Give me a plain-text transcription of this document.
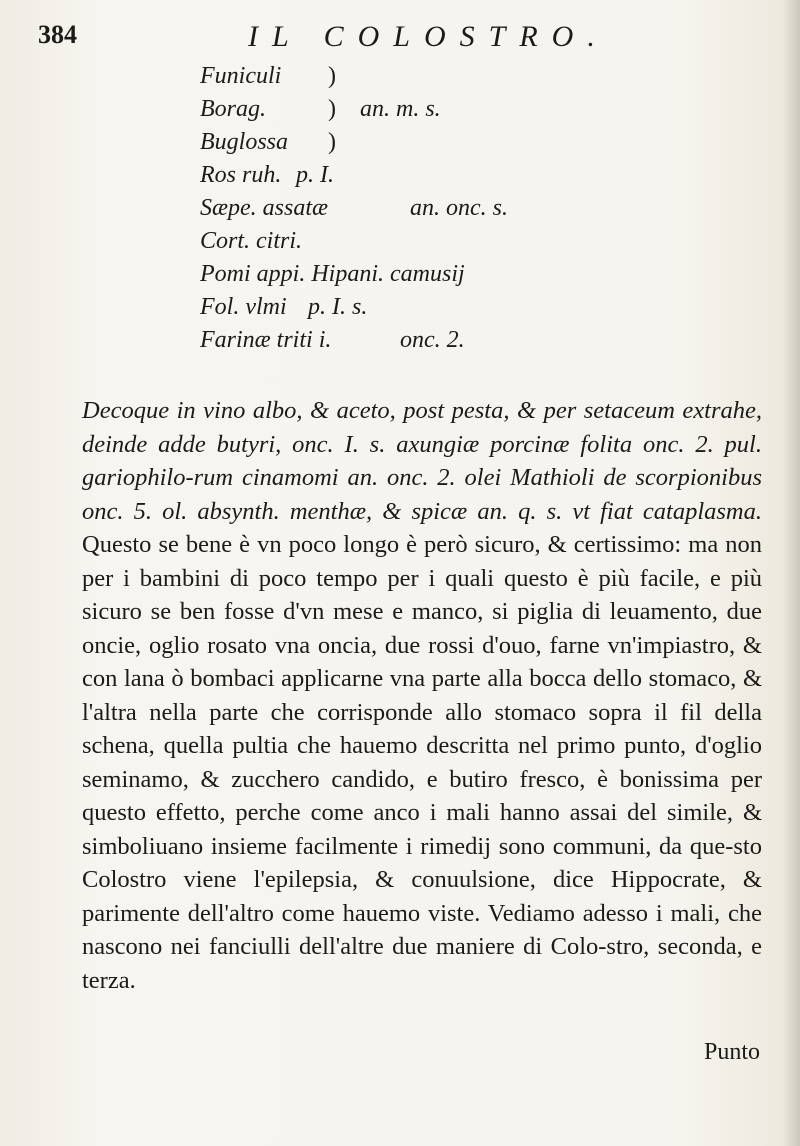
384	IL COLOSTRO.
Funiculi )
Borag.	) an. m. s.
Buglossa )
Ros ruh. p. I.
Sæpe. assatæ	an. onc. s.
Cort. citri.
Pomi appi. Hipani. camusij
Fol. vlmi p. I. s.
Farinæ triti i.	onc. 2.

Decoque in vino albo, & aceto, post pesta, & per setaceum extrahe, deinde adde butyri, onc. I. s. axungiæ porcinæ folita onc. 2. pul. gariophilo-rum cinamomi an. onc. 2. olei Mathioli de scorpionibus onc. 5. ol. absynth. menthæ, & spicæ an. q. s. vt fiat cataplasma. Questo se bene è vn poco longo è però sicuro, & certissimo: ma non per i bambini di poco tempo per i quali questo è più facile, e più sicuro se ben fosse d'vn mese e manco, si piglia di leuamento, due oncie, oglio rosato vna oncia, due rossi d'ouo, farne vn'impiastro, & con lana ò bombaci applicarne vna parte alla bocca dello stomaco, & l'altra nella parte che corrisponde allo stomaco sopra il fil della schena, quella pultia che hauemo descritta nel primo punto, d'oglio seminamo, & zucchero candido, e butiro fresco, è bonissima per questo effetto, perche come anco i mali hanno assai del simile, & simboliuano insieme facilmente i rimedij sono communi, da que-sto Colostro viene l'epilepsia, & conuulsione, dice Hippocrate, & parimente dell'altro come hauemo viste. Vediamo adesso i mali, che nascono nei fanciulli dell'altre due maniere di Colo-stro, seconda, e terza.

Punto
